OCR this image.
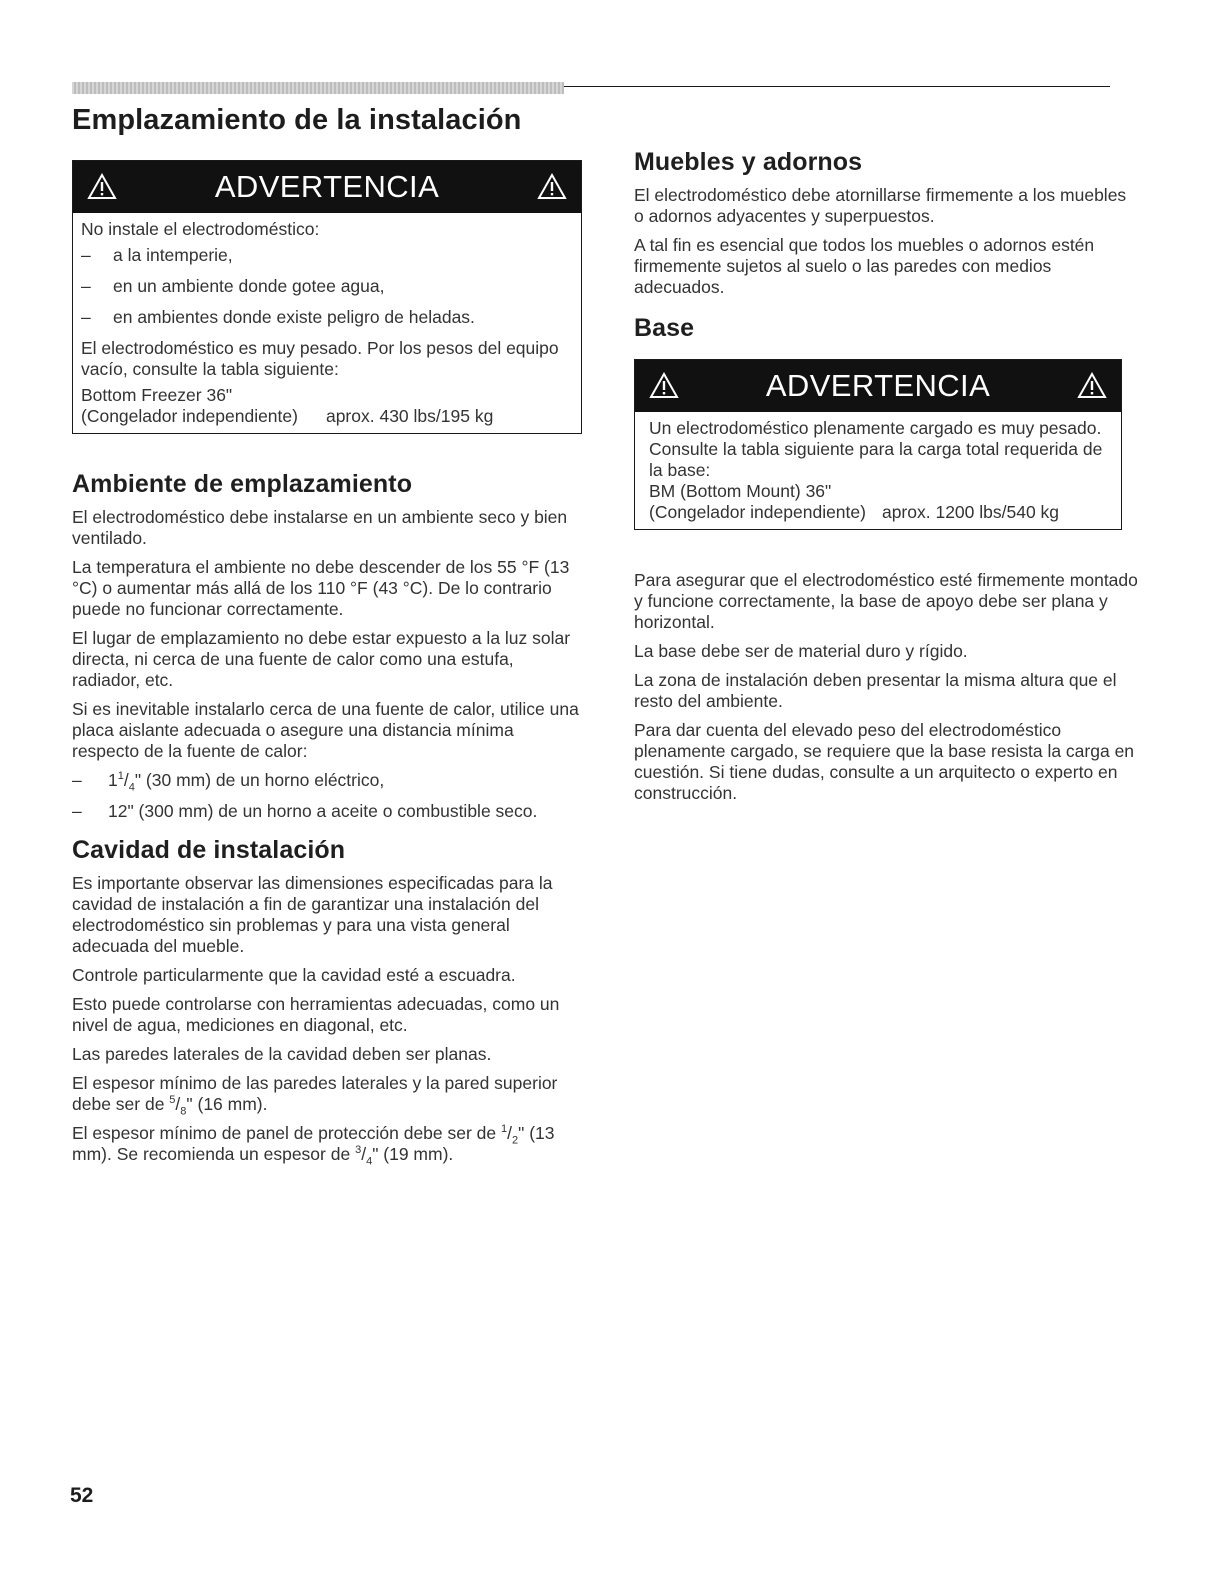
Emplazamiento de la instalación
ADVERTENCIA

No instale el electrodoméstico:

– a la intemperie,
– en un ambiente donde gotee agua,
– en ambientes donde existe peligro de heladas.

El electrodoméstico es muy pesado. Por los pesos del equipo vacío, consulte la tabla siguiente:

Bottom Freezer 36"

(Congelador independiente) aprox. 430 lbs/195 kg

Ambiente de emplazamiento

El electrodoméstico debe instalarse en un ambiente seco y bien ventilado.

La temperatura el ambiente no debe descender de los 55 °F (13 °C) o aumentar más allá de los 110 °F (43 °C). De lo contrario puede no funcionar correctamente.

El lugar de emplazamiento no debe estar expuesto a la luz solar directa, ni cerca de una fuente de calor como una estufa, radiador, etc.

Si es inevitable instalarlo cerca de una fuente de calor, utilice una placa aislante adecuada o asegure una distancia mínima respecto de la fuente de calor:

– $1^1/_4$" (30 mm) de un horno eléctrico,
– 12" (300 mm) de un horno a aceite o combustible seco.
Cavidad de instalación

Es importante observar las dimensiones especificadas para la cavidad de instalación a fin de garantizar una instalación del electrodoméstico sin problemas y para una vista general adecuada del mueble.

Controle particularmente que la cavidad esté a escuadra.

Esto puede controlarse con herramientas adecuadas, como un nivel de agua, mediciones en diagonal, etc.

Las paredes laterales de la cavidad deben ser planas.

El espesor mínimo de las paredes laterales y la pared superior debe ser de $^5/_8$" (16 mm).

El espesor mínimo de panel de protección debe ser de $^1/_2$" (13 mm). Se recomienda un espesor de $^3/_4$" (19 mm).

Muebles y adornos

El electrodoméstico debe atornillarse firmemente a los muebles o adornos adyacentes y superpuestos.

A tal fin es esencial que todos los muebles o adornos estén firmemente sujetos al suelo o las paredes con medios adecuados.

Base
ADVERTENCIA

Un electrodoméstico plenamente cargado es muy pesado. Consulte la tabla siguiente para la carga total requerida de la base:

BM (Bottom Mount) 36"

(Congelador independiente) aprox. 1200 lbs/540 kg

Para asegurar que el electrodoméstico esté firmemente montado y funcione correctamente, la base de apoyo debe ser plana y horizontal.

La base debe ser de material duro y rígido.

La zona de instalación deben presentar la misma altura que el resto del ambiente.

Para dar cuenta del elevado peso del electrodoméstico plenamente cargado, se requiere que la base resista la carga en cuestión. Si tiene dudas, consulte a un arquitecto o experto en construcción.

52
